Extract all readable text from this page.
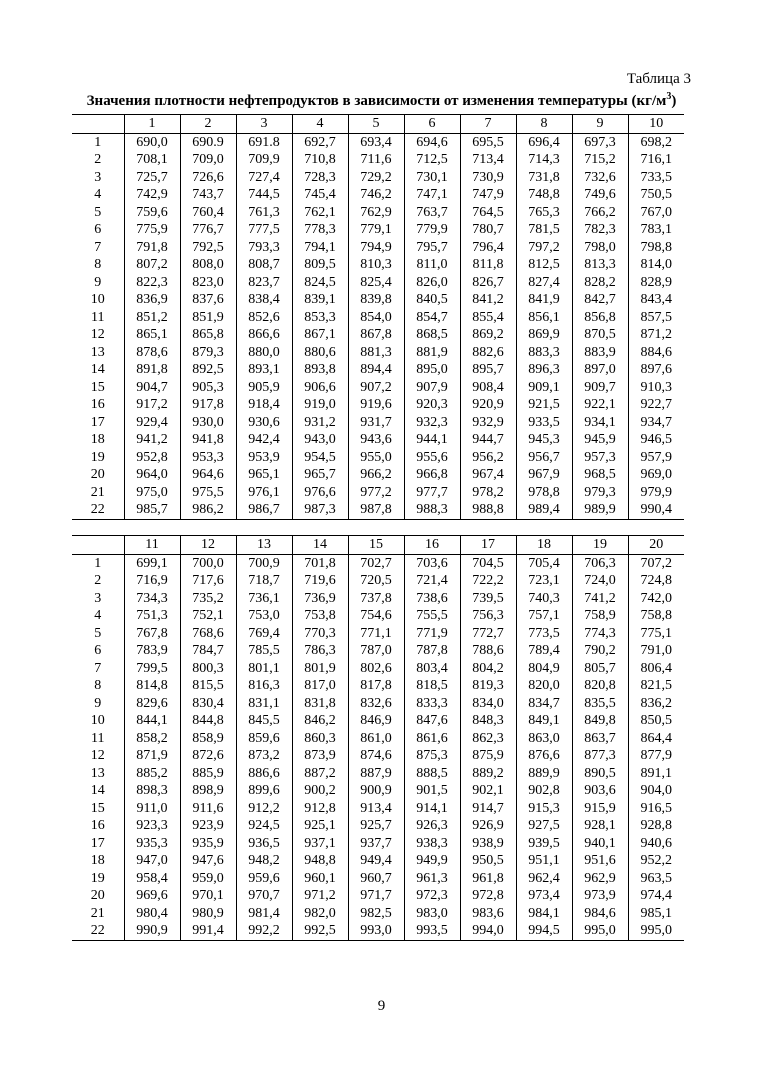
Таблица 3
Значения плотности нефтепродуктов в зависимости от изменения температуры $(кг/м^3)$
	1	2	3	4	5	6	7	8	9	10
1	690,0	690.9	691.8	692,7	693,4	694,6	695,5	696,4	697,3	698,2
2	708,1	709,0	709,9	710,8	711,6	712,5	713,4	714,3	715,2	716,1
3	725,7	726,6	727,4	728,3	729,2	730,1	730,9	731,8	732,6	733,5
4	742,9	743,7	744,5	745,4	746,2	747,1	747,9	748,8	749,6	750,5
5	759,6	760,4	761,3	762,1	762,9	763,7	764,5	765,3	766,2	767,0
6	775,9	776,7	777,5	778,3	779,1	779,9	780,7	781,5	782,3	783,1
7	791,8	792,5	793,3	794,1	794,9	795,7	796,4	797,2	798,0	798,8
8	807,2	808,0	808,7	809,5	810,3	811,0	811,8	812,5	813,3	814,0
9	822,3	823,0	823,7	824,5	825,4	826,0	826,7	827,4	828,2	828,9
10	836,9	837,6	838,4	839,1	839,8	840,5	841,2	841,9	842,7	843,4
11	851,2	851,9	852,6	853,3	854,0	854,7	855,4	856,1	856,8	857,5
12	865,1	865,8	866,6	867,1	867,8	868,5	869,2	869,9	870,5	871,2
13	878,6	879,3	880,0	880,6	881,3	881,9	882,6	883,3	883,9	884,6
14	891,8	892,5	893,1	893,8	894,4	895,0	895,7	896,3	897,0	897,6
15	904,7	905,3	905,9	906,6	907,2	907,9	908,4	909,1	909,7	910,3
16	917,2	917,8	918,4	919,0	919,6	920,3	920,9	921,5	922,1	922,7
17	929,4	930,0	930,6	931,2	931,7	932,3	932,9	933,5	934,1	934,7
18	941,2	941,8	942,4	943,0	943,6	944,1	944,7	945,3	945,9	946,5
19	952,8	953,3	953,9	954,5	955,0	955,6	956,2	956,7	957,3	957,9
20	964,0	964,6	965,1	965,7	966,2	966,8	967,4	967,9	968,5	969,0
21	975,0	975,5	976,1	976,6	977,2	977,7	978,2	978,8	979,3	979,9
22	985,7	986,2	986,7	987,3	987,8	988,3	988,8	989,4	989,9	990,4
	11	12	13	14	15	16	17	18	19	20
1	699,1	700,0	700,9	701,8	702,7	703,6	704,5	705,4	706,3	707,2
2	716,9	717,6	718,7	719,6	720,5	721,4	722,2	723,1	724,0	724,8
3	734,3	735,2	736,1	736,9	737,8	738,6	739,5	740,3	741,2	742,0
4	751,3	752,1	753,0	753,8	754,6	755,5	756,3	757,1	758,9	758,8
5	767,8	768,6	769,4	770,3	771,1	771,9	772,7	773,5	774,3	775,1
6	783,9	784,7	785,5	786,3	787,0	787,8	788,6	789,4	790,2	791,0
7	799,5	800,3	801,1	801,9	802,6	803,4	804,2	804,9	805,7	806,4
8	814,8	815,5	816,3	817,0	817,8	818,5	819,3	820,0	820,8	821,5
9	829,6	830,4	831,1	831,8	832,6	833,3	834,0	834,7	835,5	836,2
10	844,1	844,8	845,5	846,2	846,9	847,6	848,3	849,1	849,8	850,5
11	858,2	858,9	859,6	860,3	861,0	861,6	862,3	863,0	863,7	864,4
12	871,9	872,6	873,2	873,9	874,6	875,3	875,9	876,6	877,3	877,9
13	885,2	885,9	886,6	887,2	887,9	888,5	889,2	889,9	890,5	891,1
14	898,3	898,9	899,6	900,2	900,9	901,5	902,1	902,8	903,6	904,0
15	911,0	911,6	912,2	912,8	913,4	914,1	914,7	915,3	915,9	916,5
16	923,3	923,9	924,5	925,1	925,7	926,3	926,9	927,5	928,1	928,8
17	935,3	935,9	936,5	937,1	937,7	938,3	938,9	939,5	940,1	940,6
18	947,0	947,6	948,2	948,8	949,4	949,9	950,5	951,1	951,6	952,2
19	958,4	959,0	959,6	960,1	960,7	961,3	961,8	962,4	962,9	963,5
20	969,6	970,1	970,7	971,2	971,7	972,3	972,8	973,4	973,9	974,4
21	980,4	980,9	981,4	982,0	982,5	983,0	983,6	984,1	984,6	985,1
22	990,9	991,4	992,2	992,5	993,0	993,5	994,0	994,5	995,0	995,0
9
